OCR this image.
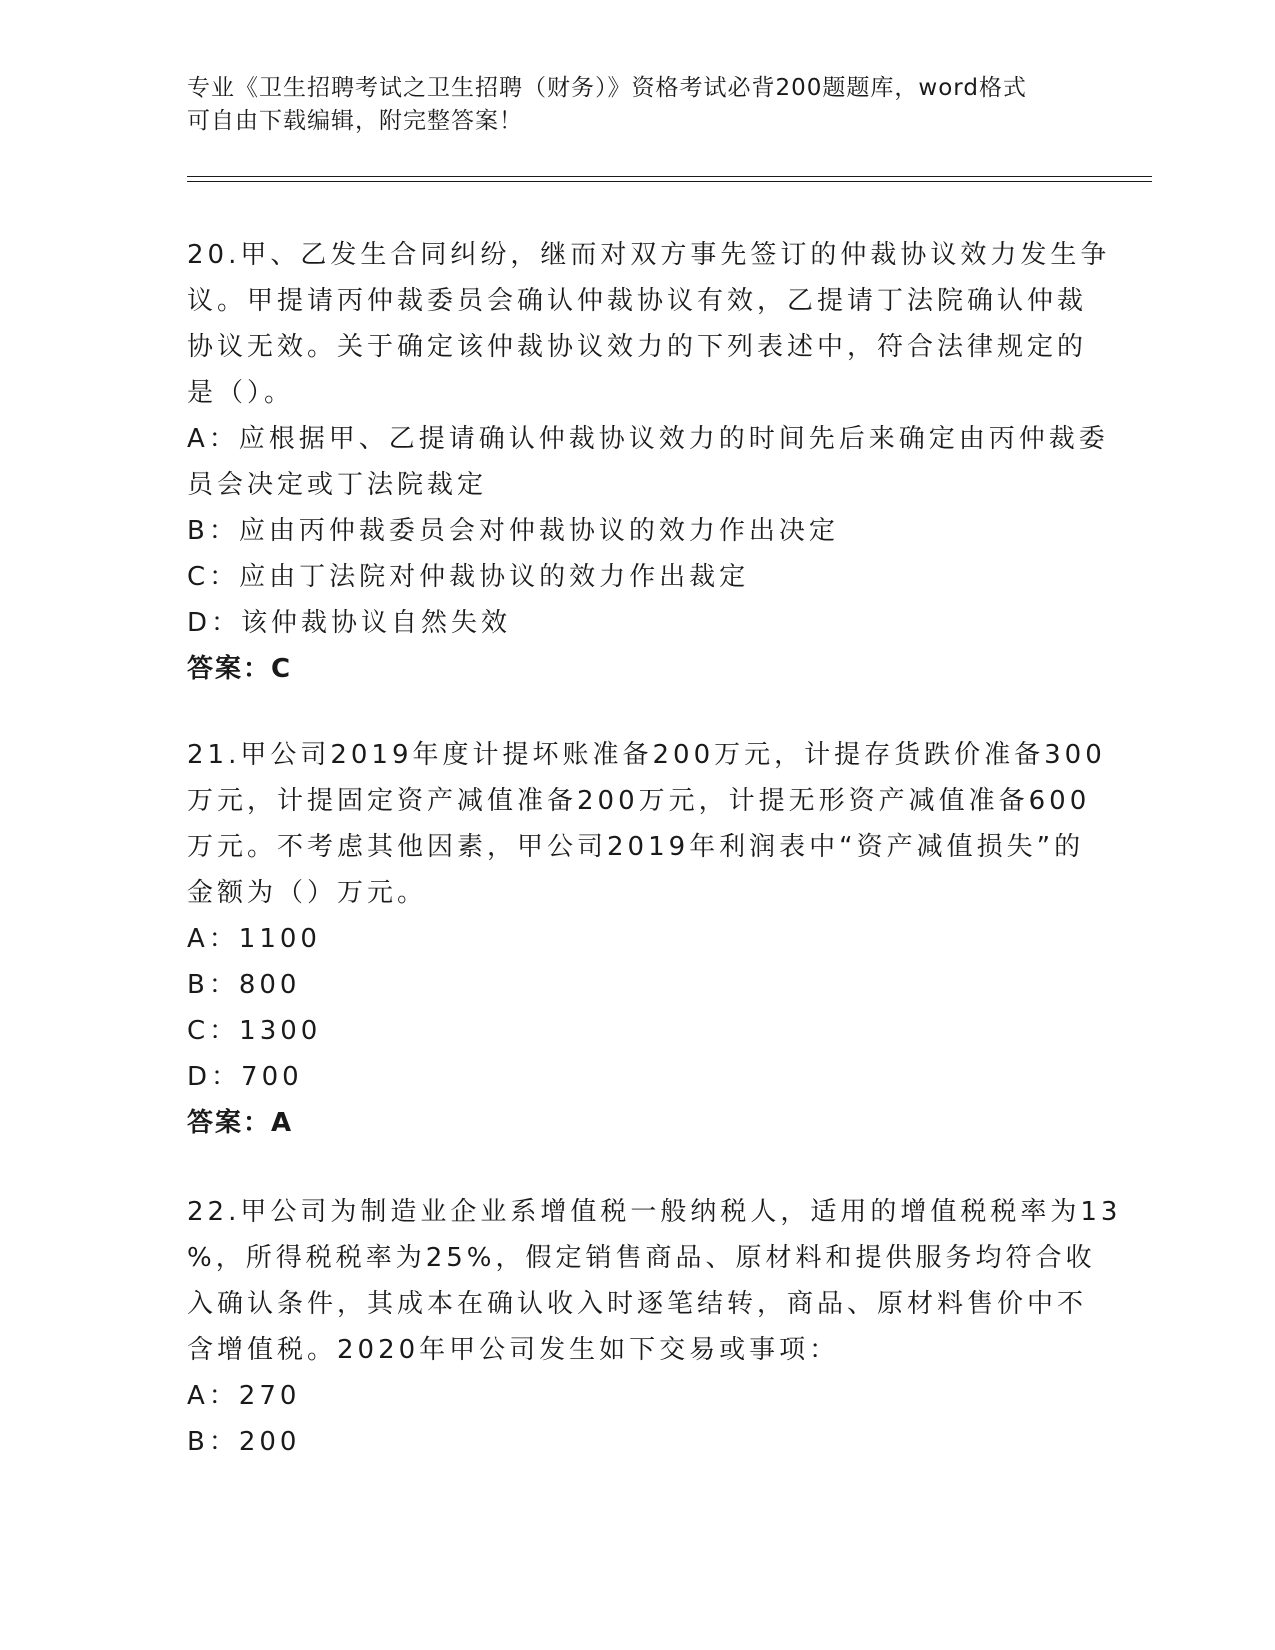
专业《卫生招聘考试之卫生招聘（财务）》资格考试必背200题题库，word格式
可自由下载编辑，附完整答案！
20.甲、乙发生合同纠纷，继而对双方事先签订的仲裁协议效力发生争
议。甲提请丙仲裁委员会确认仲裁协议有效，乙提请丁法院确认仲裁
协议无效。关于确定该仲裁协议效力的下列表述中，符合法律规定的
是（）。
A：应根据甲、乙提请确认仲裁协议效力的时间先后来确定由丙仲裁委
员会决定或丁法院裁定
B：应由丙仲裁委员会对仲裁协议的效力作出决定
C：应由丁法院对仲裁协议的效力作出裁定
D：该仲裁协议自然失效
答案：C
21.甲公司2019年度计提坏账准备200万元，计提存货跌价准备300
万元，计提固定资产减值准备200万元，计提无形资产减值准备600
万元。不考虑其他因素，甲公司2019年利润表中“资产减值损失”的
金额为（）万元。
A：1100
B：800
C：1300
D：700
答案：A
22.甲公司为制造业企业系增值税一般纳税人，适用的增值税税率为13
%，所得税税率为25%，假定销售商品、原材料和提供服务均符合收
入确认条件，其成本在确认收入时逐笔结转，商品、原材料售价中不
含增值税。2020年甲公司发生如下交易或事项：
A：270
B：200
